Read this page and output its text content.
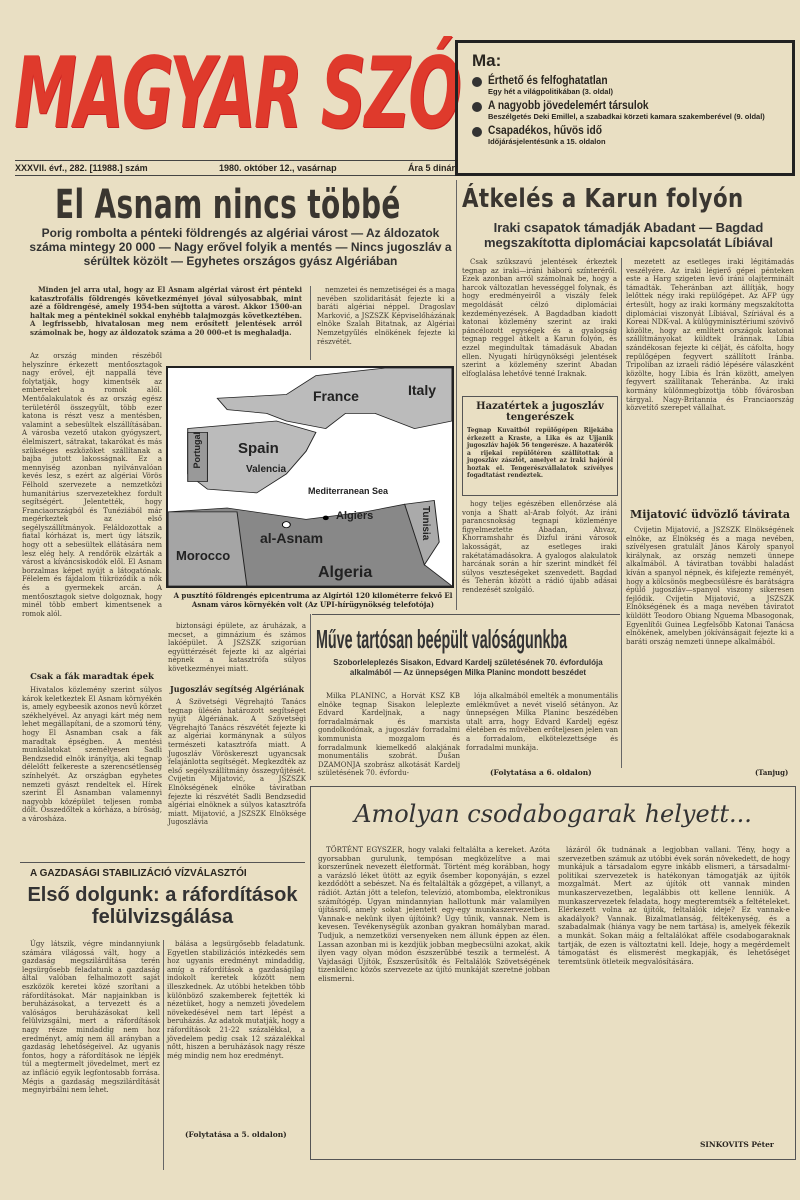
MAGYAR SZÓ
XXXVII. évf., 282. [11988.] szám	1980. október 12., vasárnap	Ára 5 dinár
Ma:
Érthető és felfoghatatlan
Egy hét a világpolitikában (3. oldal)
A nagyobb jövedelemért társulok
Beszélgetés Deki Emillel, a szabadkai körzeti kamara szakemberével (9. oldal)
Csapadékos, hűvös idő
Időjárásjelentésünk a 15. oldalon
El Asnam nincs többé
Porig rombolta a pénteki földrengés az algériai várost — Az áldozatok száma mintegy 20 000 — Nagy erővel folyik a mentés — Nincs jugoszláv a sérültek közölt — Egyhetes országos gyász Algériában

Minden jel arra utal, hogy az El Asnam algériai várost ért pénteki katasztrofális földrengés következményei jóval súlyosabbak, mint azé a földrengésé, amely 1954-ben sújtotta a várost. Akkor 1500-an haltak meg a péntekinél sokkal enyhébb talajmozgás következtében. A legfrissebb, hivatalosan meg nem erősített jelentések arról számolnak be, hogy az áldozatok száma a 20 000-et is meghaladja.

nemzetei és nemzetiségei és a maga nevében szolidaritását fejezte ki a baráti algériai néppel. Dragoslav Marković, a JSZSZK Képviselőházának elnöke Szalah Bitatnak, az Algériai Nemzetgyűlés elnökének fejezte ki részvétét.

Az ország minden részéből helyszínre érkezett mentőosztagok nagy erővel, éjt nappallá téve folytatják, hogy kimentsék az embereket a romok alól. Mentőalakulatok és az ország egész területéről összegyűlt, több ezer katona is részt vesz a mentésben, valamint a sebesültek elszállításában. A városba vezető utakon gyógyszert, élelmiszert, sátrakat, takarókat és más szükséges eszközöket szállítanak a bajba jutott lakosságnak. Ez a mennyiség azonban nyilvánvalóan kevés lesz, s ezért az algériai Vörös Félhold szervezete a nemzetközi humanitárius szervezetekhez fordult segítségért. Jelentették, hogy Franciaországból és Tunéziából már megérkeztek az első segélyszállítmányok. Feláldozottak a fiatal kórházat is, mert úgy látszik, hogy ott a sebesültek ellátására nem lesz elég hely. A rendőrök elzárták a várost a kíváncsiskodók elől. El Asnam borzalmas képet nyújt a látogatónak. Félelem és fájdalom tükröződik a nők és a gyermekek arcán. A mentőosztagok sietve dolgoznak, hogy minél több embert kimentsenek a romok alól.

Csak a fák maradtak épek

Hivatalos közlemény szerint súlyos károk keletkeztek El Asnam környékén is, amely egybeesik azonos nevű körzet székhelyével. Az anyagi kárt még nem lehet megállapítani, de a szomorú tény, hogy El Asnamban csak a fák maradtak épségben. A mentési munkálatokat személyesen Sadli Bendzsedid elnök irányítja, aki tegnap délelőtt felkereste a szerencsétlenség színhelyét. Az országban egyhetes nemzeti gyászt rendeltek el. Hírek szerint El Asnamban valamennyi nagyobb középület teljesen romba dőlt. Összedőltek a kórháza, a bíróság, a városháza.

Atlantic Ocean
France	Italy
Spain
Portugal
Valencia
Mediterranean Sea
Algiers
al-Asnam	Tunisia
Morocco
Algeria
A pusztító földrengés epicentruma az Algírtól 120 kilométerre fekvő El Asnam város környékén volt (Az UPI-hírügynökség telefotója)

biztonsági épülete, az áruházak, a mecset, a gimnázium és számos lakóépület. A JSZSZK szigorúan együttérzését fejezte ki az algériai népnek a katasztrófa súlyos következményei miatt.

Jugoszláv segítség Algériának

A Szövetségi Végrehajtó Tanács tegnap ülésén határozott segítséget nyújt Algériának. A Szövetségi Végrehajtó Tanács részvétét fejezte ki az algériai kormánynak a súlyos természeti katasztrófa miatt. A Jugoszláv Vöröskereszt ugyancsak felajánlotta segítségét. Megkezdték az első segélyszállítmány összegyűjtését. Cvijetin Mijatović, a JSZSZK Elnökségének elnöke táviratban fejezte ki részvétét Sadli Bendzsedid algériai elnöknek a súlyos katasztrófa miatt. Mijatović, a JSZSZK Elnöksége Jugoszlávia

Átkelés a Karun folyón
Iraki csapatok támadják Abadant — Bagdad megszakította diplomáciai kapcsolatát Líbiával

Csak szűkszavú jelentések érkeztek tegnap az iraki—iráni háború színteréről. Ezek azonban arról számolnak be, hogy a harcok változatlan hevességgel folynak, és hogy eredményeiről a viszály felek megoldását célzó diplomáciai kezdeményezések. A Bagdadban kiadott katonai közlemény szerint az iraki páncélozott egységek és a gyalogság tegnap reggel átkelt a Karun folyón, és ezzel megindultak támadásuk Abadan ellen. Nyugati hírügynökségi jelentések szerint a közlemény szerint Abadan elfoglalása lehetővé tenné Iraknak.

Hazatértek a jugoszláv tengerészek
Tegnap Kuvaitból repülőgépen Rijekába érkezett a Kraste, a Lika és az Ujjanik jugoszláv hajók 56 tengerésze. A hazatérők a rijekai repülőtéren szállítottak a jugoszláv zászlót, amelyet az iraki hajóról hoztak el. Tengerészvállalatok szívélyes fogadtatást rendeztek.

hogy teljes egészében ellenőrzése alá vonja a Shatt al-Arab folyót. Az iráni parancsnokság tegnapi közleménye figyelmeztette Abadan, Ahvaz, Khorramshahr és Dizful iráni városok lakosságát, az esetleges iraki rakétatámadásokra. A gyalogos alakulatok harcának során a hír szerint mindkét fél súlyos veszteségeket szenvedett. Bagdad és Teherán között a rádió újabb adásai rendezését szolgáló.

mezetett az esetleges iraki légitámadás veszélyére. Az iraki légierő gépei pénteken este a Harg szigeten levő iráni olajterminált támadták. Teheránban azt állítják, hogy lelőttek négy iraki repülőgépet. Az AFP úgy értesült, hogy az iraki kormány megszakította diplomáciai viszonyát Líbiával, Szíriával és a Koreai NDK-val. A külügyminisztériumi szóvivő közölte, hogy az említett országok katonai szállítmányokat küldtek Iránnak. Líbia szándékosan fejezte ki célját, és cáfolta, hogy repülőgépen fegyvert szállított Iránba. Tripoliban az izraeli rádió lépésére válaszként közölte, hogy Líbia és Irán között, amelyen fegyvert szállítanak Teheránba. Az iraki kormány különmegbízottja több fővárosban tárgyal. Nagy-Britannia és Franciaország közvetítő szerepet vállalhat.

Mijatović üdvözlő távirata

Cvijetin Mijatović, a JSZSZK Elnökségének elnöke, az Elnökség és a maga nevében, szívélyesen gratulált János Károly spanyol királynak, az ország nemzeti ünnepe alkalmából. A táviratban további haladást kíván a spanyol népnek, és kifejezte reményét, hogy a kölcsönös megbecsülésre és barátságra épülő jugoszláv—spanyol viszony sikeresen fejlődik. Cvijetin Mijatović, a JSZSZK Elnökségének és a maga nevében táviratot küldött Teodoro Obiang Nguema Mbasogonak, Egyenlítői Guinea Legfelsőbb Katonai Tanácsa elnökének, amelyben jókívánságait fejezte ki a baráti ország nemzeti ünnepe alkalmából.

(Tanjug)
Műve tartósan beépült valóságunkba
Szoborleleplezés Sisakon, Edvard Kardelj születésének 70. évfordulója alkalmából — Az ünnepségen Milka Planinc mondott beszédet

Milka PLANINC, a Horvát KSZ KB elnöke tegnap Sisakon leleplezte Edvard Kardeljnak, a nagy forradalmárnak és marxista gondolkodónak, a jugoszláv forradalmi kommunista mozgalom és forradalmunk kiemelkedő alakjának monumentális szobrát. Dušan DZAMONJA szobrász alkotását Kardelj születésének 70. évfordu-

lója alkalmából emelték a monumentális emlékművet a nevét viselő sétányon. Az ünnepségen Milka Planinc beszédében utalt arra, hogy Edvard Kardelj egész életében és művében erőteljesen jelen van a forradalom, elkötelezettsége és forradalmi munkája.

(Folytatása a 6. oldalon)
Amolyan csodabogarak helyett...

TÖRTÉNT EGYSZER, hogy valaki feltalálta a kereket. Azóta gyorsabban gurulunk, tempósan megközelítve a mai korszerűnek nevezett életformát. Történt még korábban, hogy a varázsló léket ütött az egyik ősember koponyáján, s ezzel kezdődött a sebészet. Na és feltalálták a gőzgépet, a villanyt, a rádiót. Aztán jött a telefon, televízió, atombomba, elektronikus számítógép. Ugyan mindannyian hallottunk már valamilyen újításról, amely sokat jelentett egy-egy munkaszervezetben. Vannak-e nekünk ilyen újítóink? Ugy tűnik, vannak. Nem is kevesen. Tevékenységük azonban gyakran homályban marad. Tudjuk, a nemzetközi versenyeken nem állunk éppen az élen. Lassan azonban mi is kezdjük jobban megbecsülni azokat, akik ilyen vagy olyan módon észszerűbbé teszik a termelést. A Vajdasági Újítók, Észszerűsítők és Feltalálók Szövetségének tizenkilenc közös szervezete az újító munkáját szeretné jobban elismerni.

lázáról ők tudnának a legjobban vallani. Tény, hogy a szervezetben számuk az utóbbi évek során növekedett, de hogy munkájuk a társadalom egyre inkább elismeri, a társadalmi-politikai szervezetek is hatékonyan támogatják az újítók mozgalmát. Mert az újítók ott vannak minden munkaszervezetben, legalábbis ott kellene lenniük. A munkaszervezetek feladata, hogy megteremtsék a feltételeket. Elérkezett volna az újítók, feltalálók ideje? Ez vannak-e akadályok? Vannak. Bizalmatlanság, féltékenység, és a szabadalmak (hiánya vagy be nem tartása) is, amelyek fékezik a munkát. Sokan máig a feltalálókat afféle csodabogaraknak tartják, de ezen is változtatni kell. Ideje, hogy a megérdemelt támogatást és elismerést megkapják, és lehetőséget teremtsünk ötleteik megvalósítására.

SINKOVITS Péter
A GAZDASÁGI STABILIZÁCIÓ VÍZVÁLASZTÓI
Első dolgunk: a ráfordítások felülvizsgálása

Úgy látszik, végre mindannyiunk számára világossá vált, hogy a gazdaság megszilárdítása terén legsürgősebb feladatunk a gazdaság által valóban felhalmozott saját eszközök keretei közé szorítani a ráfordításokat. Már napjainkban is beruházásokat, a tervezett és a valóságos beruházásokat kell felülvizsgálni, mert a ráfordítások nagy része mindaddig nem hoz eredményt, amíg nem áll arányban a gazdaság lehetőségeivel. Az ugyanis fontos, hogy a ráfordítások ne lépjék túl a megtermelt jövedelmet, mert ez az infláció egyik legfontosabb forrása. Mégis a gazdaság megszilárdítását megnyirbálni nem lehet.

bálása a legsürgősebb feladatunk. Egyetlen stabilizációs intézkedés sem hoz ugyanis eredményt mindaddig, amíg a ráfordítások a gazdaságilag indokolt keretek között nem illeszkednek. Az utóbbi hetekben több különböző szakemberek fejtették ki nézetüket, hogy a nemzeti jövedelem növekedésével nem tart lépést a beruházás. Az adatok mutatják, hogy a ráfordítások 21-22 százalékkal, a jövedelem pedig csak 12 százalékkal nőtt, hiszen a beruházások nagy része még mindig nem hoz eredményt.

(Folytatása a 5. oldalon)
